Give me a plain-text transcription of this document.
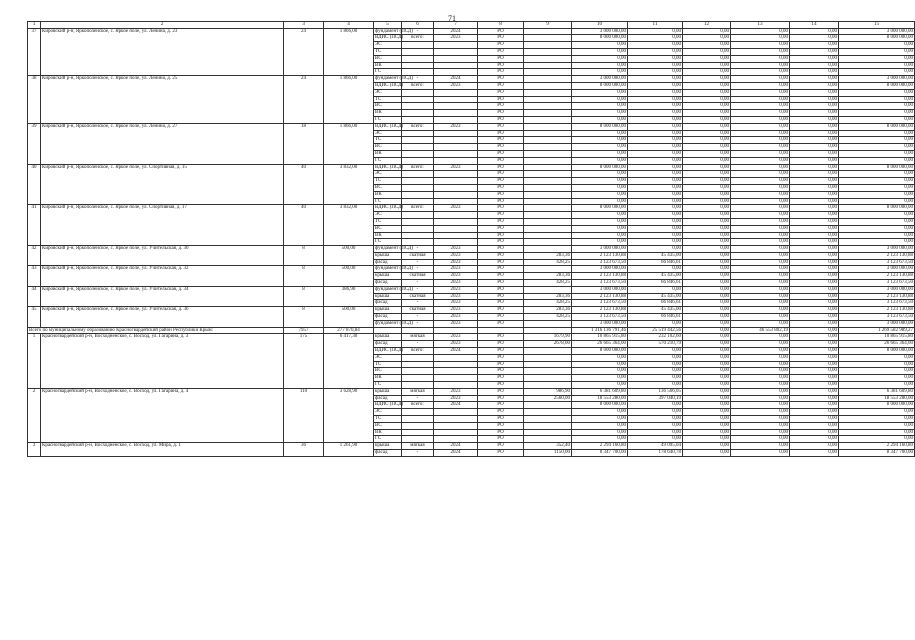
71
1	2	3	4	5	6	7	8	9	10	11	12	13	14	15
37	Кировский р-н, Яркополенское, с. Яркое поле, ул. Ленина, д. 23	24	1 866,00	фундамент (ПСД)	-	2024	РО		3 000 000,00	0,00	0,00	0,00	0,00	3 000 000,00
				ВДИС (ПСД)	всего:	2023	РО		8 000 000,00	0,00	0,00	0,00	0,00	8 000 000,00
				ЭС			РО		0,00	0,00	0,00	0,00	0,00	0,00
				ТС			РО		0,00	0,00	0,00	0,00	0,00	0,00
				ВС			РО		0,00	0,00	0,00	0,00	0,00	0,00
				ВК			РО		0,00	0,00	0,00	0,00	0,00	0,00
				ГС			РО		0,00	0,00	0,00	0,00	0,00	0,00
38	Кировский р-н, Яркополенское, с. Яркое поле, ул. Ленина, д. 25	24	1 866,00	фундамент (ПСД)	-	2024	РО		3 000 000,00	0,00	0,00	0,00	0,00	3 000 000,00
				ВДИС (ПСД)	всего:	2023	РО		8 000 000,00	0,00	0,00	0,00	0,00	8 000 000,00
				ЭС			РО		0,00	0,00	0,00	0,00	0,00	0,00
				ТС			РО		0,00	0,00	0,00	0,00	0,00	0,00
				ВС			РО		0,00	0,00	0,00	0,00	0,00	0,00
				ВК			РО		0,00	0,00	0,00	0,00	0,00	0,00
				ГС			РО		0,00	0,00	0,00	0,00	0,00	0,00
39	Кировский р-н, Яркополенское, с. Яркое поле, ул. Ленина, д. 27	18	1 866,00	ВДИС (ПСД)	всего:	2023	РО		8 000 000,00	0,00	0,00	0,00	0,00	8 000 000,00
				ЭС			РО		0,00	0,00	0,00	0,00	0,00	0,00
				ТС			РО		0,00	0,00	0,00	0,00	0,00	0,00
				ВС			РО		0,00	0,00	0,00	0,00	0,00	0,00
				ВК			РО		0,00	0,00	0,00	0,00	0,00	0,00
				ГС			РО		0,00	0,00	0,00	0,00	0,00	0,00
40	Кировский р-н, Яркополенское, с. Яркое поле, ул. Спортивная, д. 15	40	3 832,00	ВДИС (ПСД)	всего:	2023	РО		8 000 000,00	0,00	0,00	0,00	0,00	8 000 000,00
				ЭС			РО		0,00	0,00	0,00	0,00	0,00	0,00
				ТС			РО		0,00	0,00	0,00	0,00	0,00	0,00
				ВС			РО		0,00	0,00	0,00	0,00	0,00	0,00
				ВК			РО		0,00	0,00	0,00	0,00	0,00	0,00
				ГС			РО		0,00	0,00	0,00	0,00	0,00	0,00
41	Кировский р-н, Яркополенское, с. Яркое поле, ул. Спортивная, д. 17	40	3 832,00	ВДИС (ПСД)	всего:	2023	РО		8 000 000,00	0,00	0,00	0,00	0,00	8 000 000,00
				ЭС			РО		0,00	0,00	0,00	0,00	0,00	0,00
				ТС			РО		0,00	0,00	0,00	0,00	0,00	0,00
				ВС			РО		0,00	0,00	0,00	0,00	0,00	0,00
				ВК			РО		0,00	0,00	0,00	0,00	0,00	0,00
				ГС			РО		0,00	0,00	0,00	0,00	0,00	0,00
42	Кировский р-н, Яркополенское, с. Яркое поле, ул. Учительская, д. 30	8	500,00	фундамент (ПСД)	-	2023	РО		3 000 000,00	0,00	0,00	0,00	0,00	3 000 000,00
				крыша	скатная	2023	РО	283,36	2 123 130,88	45 435,00	0,00	0,00	0,00	2 123 130,88
				фасад	-	2023	РО	428,25	3 123 673,50	66 846,61	0,00	0,00	0,00	3 123 673,50
43	Кировский р-н, Яркополенское, с. Яркое поле, ул. Учительская, д. 32	8	500,00	фундамент (ПСД)	-	2023	РО		3 000 000,00	0,00	0,00	0,00	0,00	3 000 000,00
				крыша	скатная	2023	РО	283,36	2 123 130,88	45 435,00	0,00	0,00	0,00	2 123 130,88
				фасад	-	2023	РО	428,25	3 123 673,50	66 846,61	0,00	0,00	0,00	3 123 673,50
44	Кировский р-н, Яркополенское, с. Яркое поле, ул. Учительская, д. 34	8	386,90	фундамент (ПСД)	-	2023	РО		3 000 000,00	0,00	0,00	0,00	0,00	3 000 000,00
				крыша	скатная	2023	РО	283,36	2 123 130,88	45 435,00	0,00	0,00	0,00	2 123 130,88
				фасад	-	2023	РО	428,25	3 123 673,50	66 846,61	0,00	0,00	0,00	3 123 673,50
45	Кировский р-н, Яркополенское, с. Яркое поле, ул. Учительская, д. 36	8	500,00	крыша	скатная	2023	РО	283,36	2 123 130,88	45 435,00	0,00	0,00	0,00	2 123 130,88
				фасад	-	2023	РО	428,25	3 123 673,50	66 846,61	0,00	0,00	0,00	3 123 673,50
				фундамент (ПСД)	-	2023	РО		3 000 000,00	0,00	0,00	0,00	0,00	3 000 000,00
Всего по муниципальному образованию Красногвардейский район Республики Крым:		7957	277 870,84						1 316 136 791,46	25 519 442,56	0,00	46 553 802,19	0,00	1 269 582 989,27
1	Красногвардейский р-н, Восходненское, с. Восход, ул. Гагарина, д. 3	175	6 417,30	крыша	мягкая	2023	РО	1679,90	10 865 915,80	232 102,60	0,00	0,00	0,00	10 865 915,80
				фасад	-	2023	РО	2678,00	26 665 364,00	570 210,79	0,00	0,00	0,00	26 665 364,00
				ВДИС (ПСД)	всего:	2024	РО		8 000 000,00	0,00	0,00	0,00	0,00	8 000 000,00
				ЭС			РО		0,00	0,00	0,00	0,00	0,00	0,00
				ТС			РО		0,00	0,00	0,00	0,00	0,00	0,00
				ВС			РО		0,00	0,00	0,00	0,00	0,00	0,00
				ВК			РО		0,00	0,00	0,00	0,00	0,00	0,00
				ГС			РО		0,00	0,00	0,00	0,00	0,00	0,00
2	Красногвардейский р-н, Восходненское, с. Восход, ул. Гагарина, д. 4	110	3 628,90	крыша	мягкая	2023	РО	986,90	6 381 609,80	136 566,05	0,00	0,00	0,00	6 381 609,80
				фасад	-	2023	РО	2560,00	18 553 280,00	397 040,19	0,00	0,00	0,00	18 553 280,00
				ВДИС (ПСД)	всего:	2024	РО		8 000 000,00	0,00	0,00	0,00	0,00	8 000 000,00
				ЭС			РО		0,00	0,00	0,00	0,00	0,00	0,00
				ТС			РО		0,00	0,00	0,00	0,00	0,00	0,00
				ВС			РО		0,00	0,00	0,00	0,00	0,00	0,00
				ВК			РО		0,00	0,00	0,00	0,00	0,00	0,00
				ГС			РО		0,00	0,00	0,00	0,00	0,00	0,00
3	Красногвардейский р-н, Восходненское, с. Восход, ул. Мира, д. 1	36	1 261,90	крыша	мягкая	2024	РО	352,40	2 294 160,80	49 095,04	0,00	0,00	0,00	2 294 160,80
				фасад	-	2024	РО	1150,00	8 347 700,00	178 640,78	0,00	0,00	0,00	8 347 700,00
